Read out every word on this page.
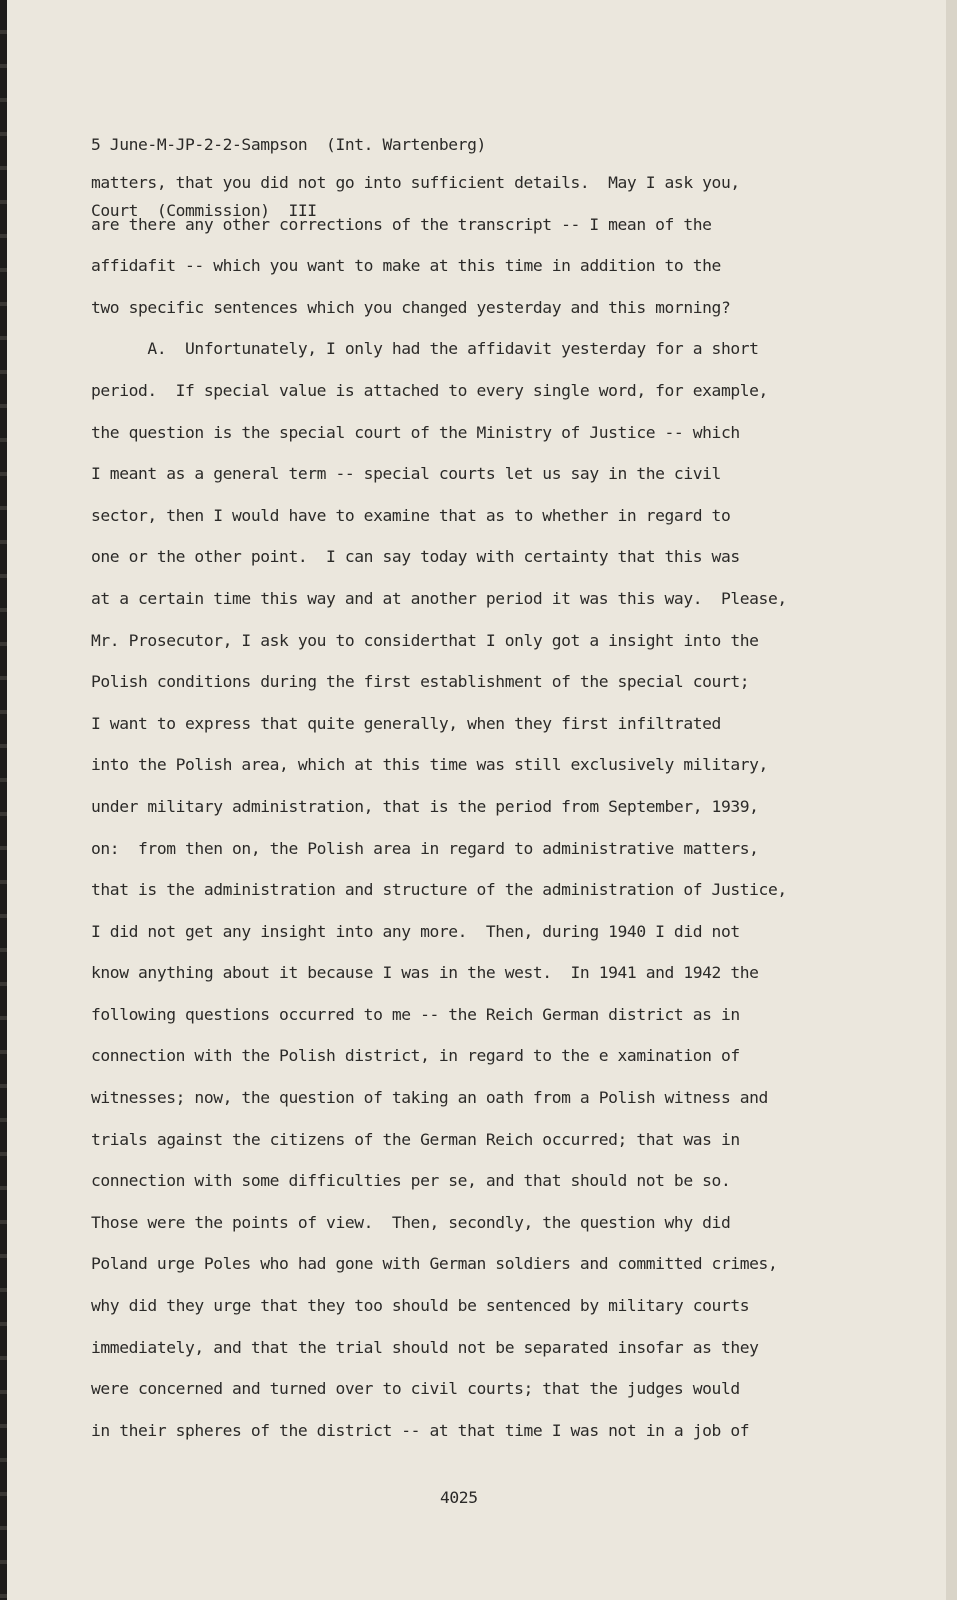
5 June-M-JP-2-2-Sampson  (Int. Wartenberg)

Court  (Commission)  III

matters, that you did not go into sufficient details.  May I ask you,
are there any other corrections of the transcript -- I mean of the
affidafit -- which you want to make at this time in addition to the
two specific sentences which you changed yesterday and this morning?
A.  Unfortunately, I only had the affidavit yesterday for a short
period.  If special value is attached to every single word, for example,
the question is the special court of the Ministry of Justice -- which
I meant as a general term -- special courts let us say in the civil
sector, then I would have to examine that as to whether in regard to
one or the other point.  I can say today with certainty that this was
at a certain time this way and at another period it was this way.  Please,
Mr. Prosecutor, I ask you to considerthat I only got a insight into the
Polish conditions during the first establishment of the special court;
I want to express that quite generally, when they first infiltrated
into the Polish area, which at this time was still exclusively military,
under military administration, that is the period from September, 1939,
on:  from then on, the Polish area in regard to administrative matters,
that is the administration and structure of the administration of Justice,
I did not get any insight into any more.  Then, during 1940 I did not
know anything about it because I was in the west.  In 1941 and 1942 the
following questions occurred to me -- the Reich German district as in
connection with the Polish district, in regard to the e xamination of
witnesses; now, the question of taking an oath from a Polish witness and
trials against the citizens of the German Reich occurred; that was in
connection with some difficulties per se, and that should not be so.
Those were the points of view.  Then, secondly, the question why did
Poland urge Poles who had gone with German soldiers and committed crimes,
why did they urge that they too should be sentenced by military courts
immediately, and that the trial should not be separated insofar as they
were concerned and turned over to civil courts; that the judges would
in their spheres of the district -- at that time I was not in a job of
4025
